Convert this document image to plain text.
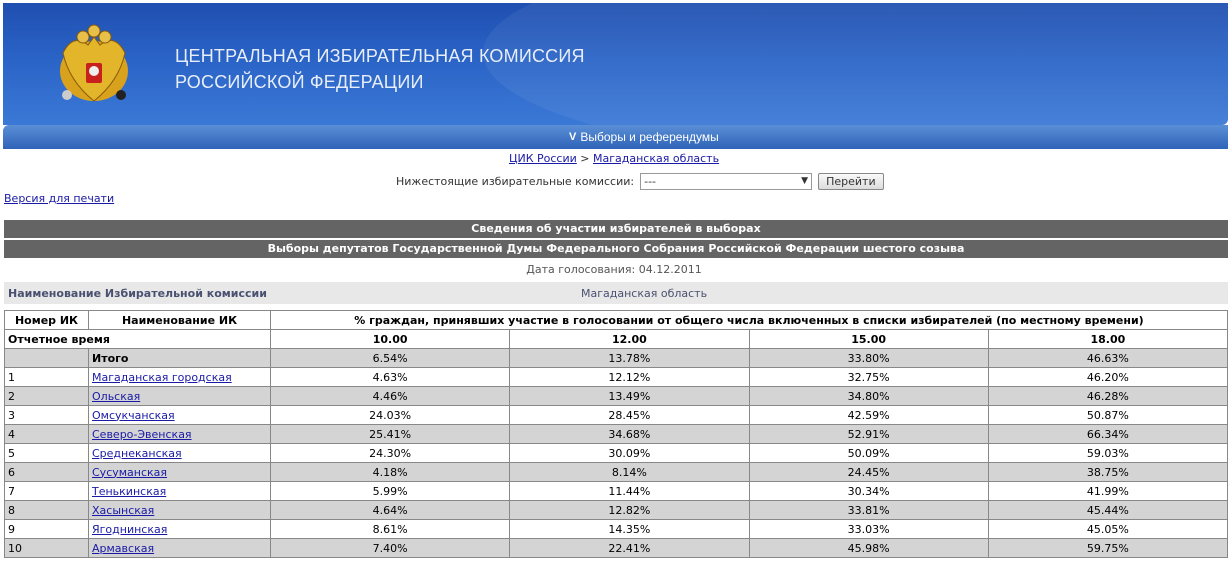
ЦЕНТРАЛЬНАЯ ИЗБИРАТЕЛЬНАЯ КОМИССИЯ
РОССИЙСКОЙ ФЕДЕРАЦИИ
V Выборы и референдумы
ЦИК России > Магаданская область
Нижестоящие избирательные комиссии: ---	▼	Перейти
Версия для печати
Сведения об участии избирателей в выборах
Выборы депутатов Государственной Думы Федерального Собрания Российской Федерации шестого созыва
Дата голосования: 04.12.2011
Наименование Избирательной комиссии	Магаданская область
Номер ИК	Наименование ИК	% граждан, принявших участие в голосовании от общего числа включенных в списки избирателей (по местному времени)			
Отчетное время		10.00	12.00	15.00	18.00
	Итого	6.54%	13.78%	33.80%	46.63%
1	Магаданская городская	4.63%	12.12%	32.75%	46.20%
2	Ольская	4.46%	13.49%	34.80%	46.28%
3	Омсукчанская	24.03%	28.45%	42.59%	50.87%
4	Северо-Эвенская	25.41%	34.68%	52.91%	66.34%
5	Среднеканская	24.30%	30.09%	50.09%	59.03%
6	Сусуманская	4.18%	8.14%	24.45%	38.75%
7	Тенькинская	5.99%	11.44%	30.34%	41.99%
8	Хасынская	4.64%	12.82%	33.81%	45.44%
9	Ягоднинская	8.61%	14.35%	33.03%	45.05%
10	Армавская	7.40%	22.41%	45.98%	59.75%
